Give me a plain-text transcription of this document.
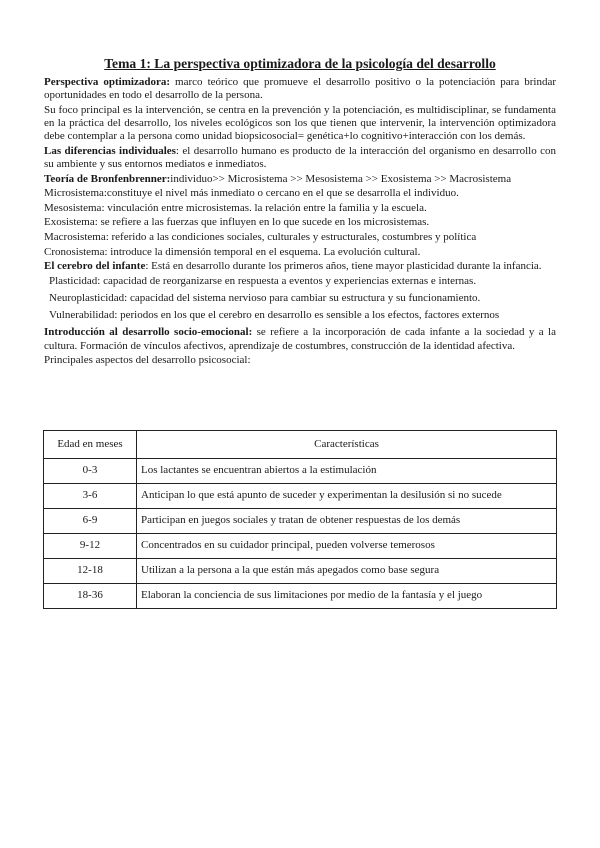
Tema 1: La perspectiva optimizadora de la psicología del desarrollo

Perspectiva optimizadora: marco teórico que promueve el desarrollo positivo o la potenciación para brindar oportunidades en todo el desarrollo de la persona.

Su foco principal es la intervención, se centra en la prevención y la potenciación, es multidisciplinar, se fundamenta en la práctica del desarrollo, los niveles ecológicos son los que tienen que intervenir, la intervención optimizadora debe contemplar a la persona como unidad biopsicosocial= genética+lo cognitivo+interacción con los demás.

Las diferencias individuales: el desarrollo humano es producto de la interacción del organismo en desarrollo con su ambiente y sus entornos mediatos e inmediatos.

Teoría de Bronfenbrenner:individuo>> Microsistema >> Mesosistema >> Exosistema >> Macrosistema

Microsistema:constituye el nivel más inmediato o cercano en el que se desarrolla el individuo.

Mesosistema: vinculación entre microsistemas. la relación entre la familia y la escuela.

Exosistema: se refiere a las fuerzas que influyen en lo que sucede en los microsistemas.

Macrosistema: referido a las condiciones sociales, culturales y estructurales, costumbres y política

Cronosistema: introduce la dimensión temporal en el esquema. La evolución cultural.

El cerebro del infante: Está en desarrollo durante los primeros años, tiene mayor plasticidad durante la infancia.

Plasticidad: capacidad de reorganizarse en respuesta a eventos y experiencias externas e internas.

Neuroplasticidad: capacidad del sistema nervioso para cambiar su estructura y su funcionamiento.

Vulnerabilidad: periodos en los que el cerebro en desarrollo es sensible a los efectos, factores externos

Introducción al desarrollo socio-emocional: se refiere a la incorporación de cada infante a la sociedad y a la cultura. Formación de vínculos afectivos, aprendizaje de costumbres, construcción de la identidad afectiva.

Principales aspectos del desarrollo psicosocial:

Edad en meses	Características
0-3	Los lactantes se encuentran abiertos a la estimulación
3-6	Anticipan lo que está apunto de suceder y experimentan la desilusión si no sucede
6-9	Participan en juegos sociales y tratan de obtener respuestas de los demás
9-12	Concentrados en su cuidador principal, pueden volverse temerosos
12-18	Utilizan a la persona a la que están más apegados como base segura
18-36	Elaboran la conciencia de sus limitaciones por medio de la fantasía y el juego
